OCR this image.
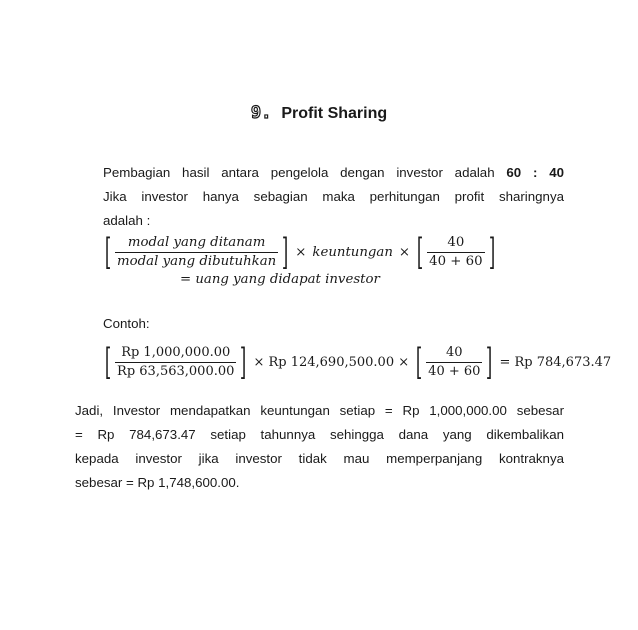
9. Profit Sharing
Pembagian hasil antara pengelola dengan investor adalah 60 : 40
Jika investor hanya sebagian maka perhitungan profit sharingnya
adalah :
[ $\frac{\text{modal yang ditanam}}{\text{modal yang dibutuhkan}}$ ] × keuntungan × [ $\frac{40}{40 + 60}$ ]
= uang yang didapat investor
Contoh:
[ $\frac{Rp 1,000,000.00}{Rp 63,563,000.00}$ ] × Rp 124,690,500.00 × [ $\frac{40}{40 + 60}$ ] = Rp 784,673.47
Jadi, Investor mendapatkan keuntungan setiap = Rp 1,000,000.00 sebesar
= Rp 784,673.47 setiap tahunnya sehingga dana yang dikembalikan
kepada investor jika investor tidak mau memperpanjang kontraknya
sebesar = Rp 1,748,600.00.
